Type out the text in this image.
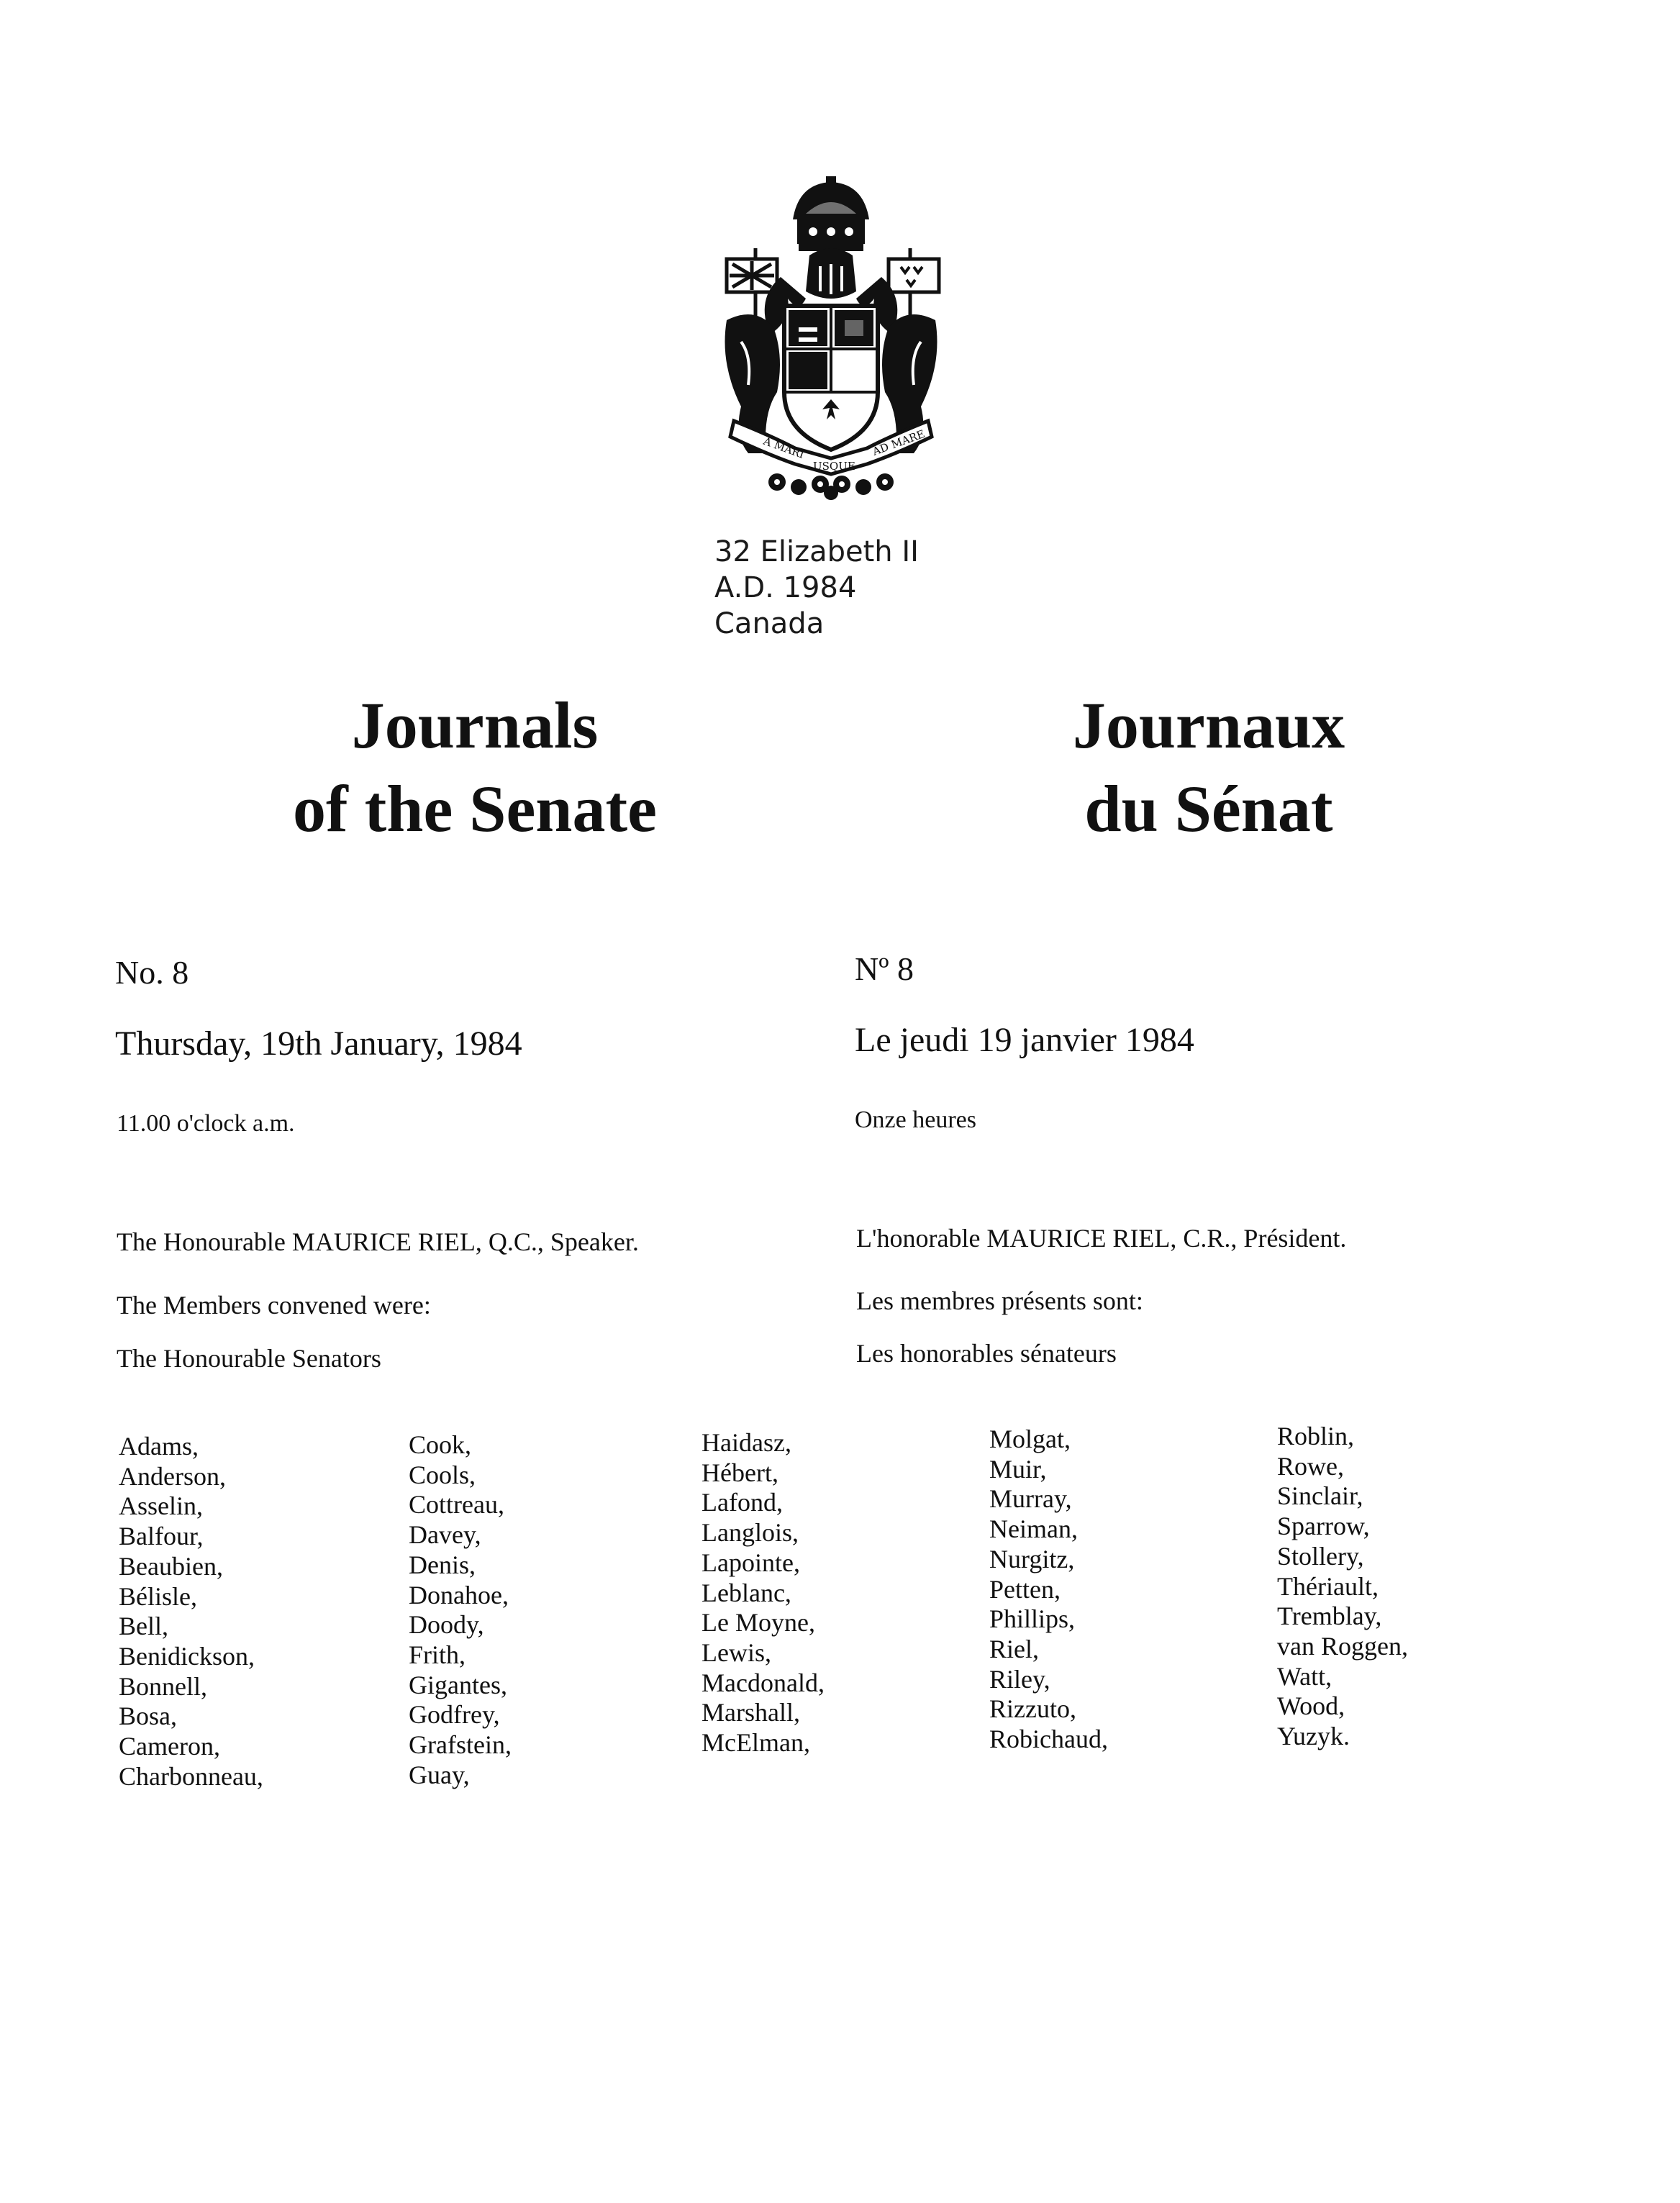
A MARI
USQUE
AD MARE
32 Elizabeth II
A.D. 1984
Canada
Journals
of the Senate
Journaux
du Sénat
No. 8
Thursday, 19th January, 1984
11.00 o'clock a.m.
The Honourable MAURICE RIEL, Q.C., Speaker.
The Members convened were:
The Honourable Senators
Nº 8
Le jeudi 19 janvier 1984
Onze heures
L'honorable MAURICE RIEL, C.R., Président.
Les membres présents sont:
Les honorables sénateurs
Adams,
Anderson,
Asselin,
Balfour,
Beaubien,
Bélisle,
Bell,
Benidickson,
Bonnell,
Bosa,
Cameron,
Charbonneau,
Cook,
Cools,
Cottreau,
Davey,
Denis,
Donahoe,
Doody,
Frith,
Gigantes,
Godfrey,
Grafstein,
Guay,
Haidasz,
Hébert,
Lafond,
Langlois,
Lapointe,
Leblanc,
Le Moyne,
Lewis,
Macdonald,
Marshall,
McElman,
Molgat,
Muir,
Murray,
Neiman,
Nurgitz,
Petten,
Phillips,
Riel,
Riley,
Rizzuto,
Robichaud,
Roblin,
Rowe,
Sinclair,
Sparrow,
Stollery,
Thériault,
Tremblay,
van Roggen,
Watt,
Wood,
Yuzyk.
